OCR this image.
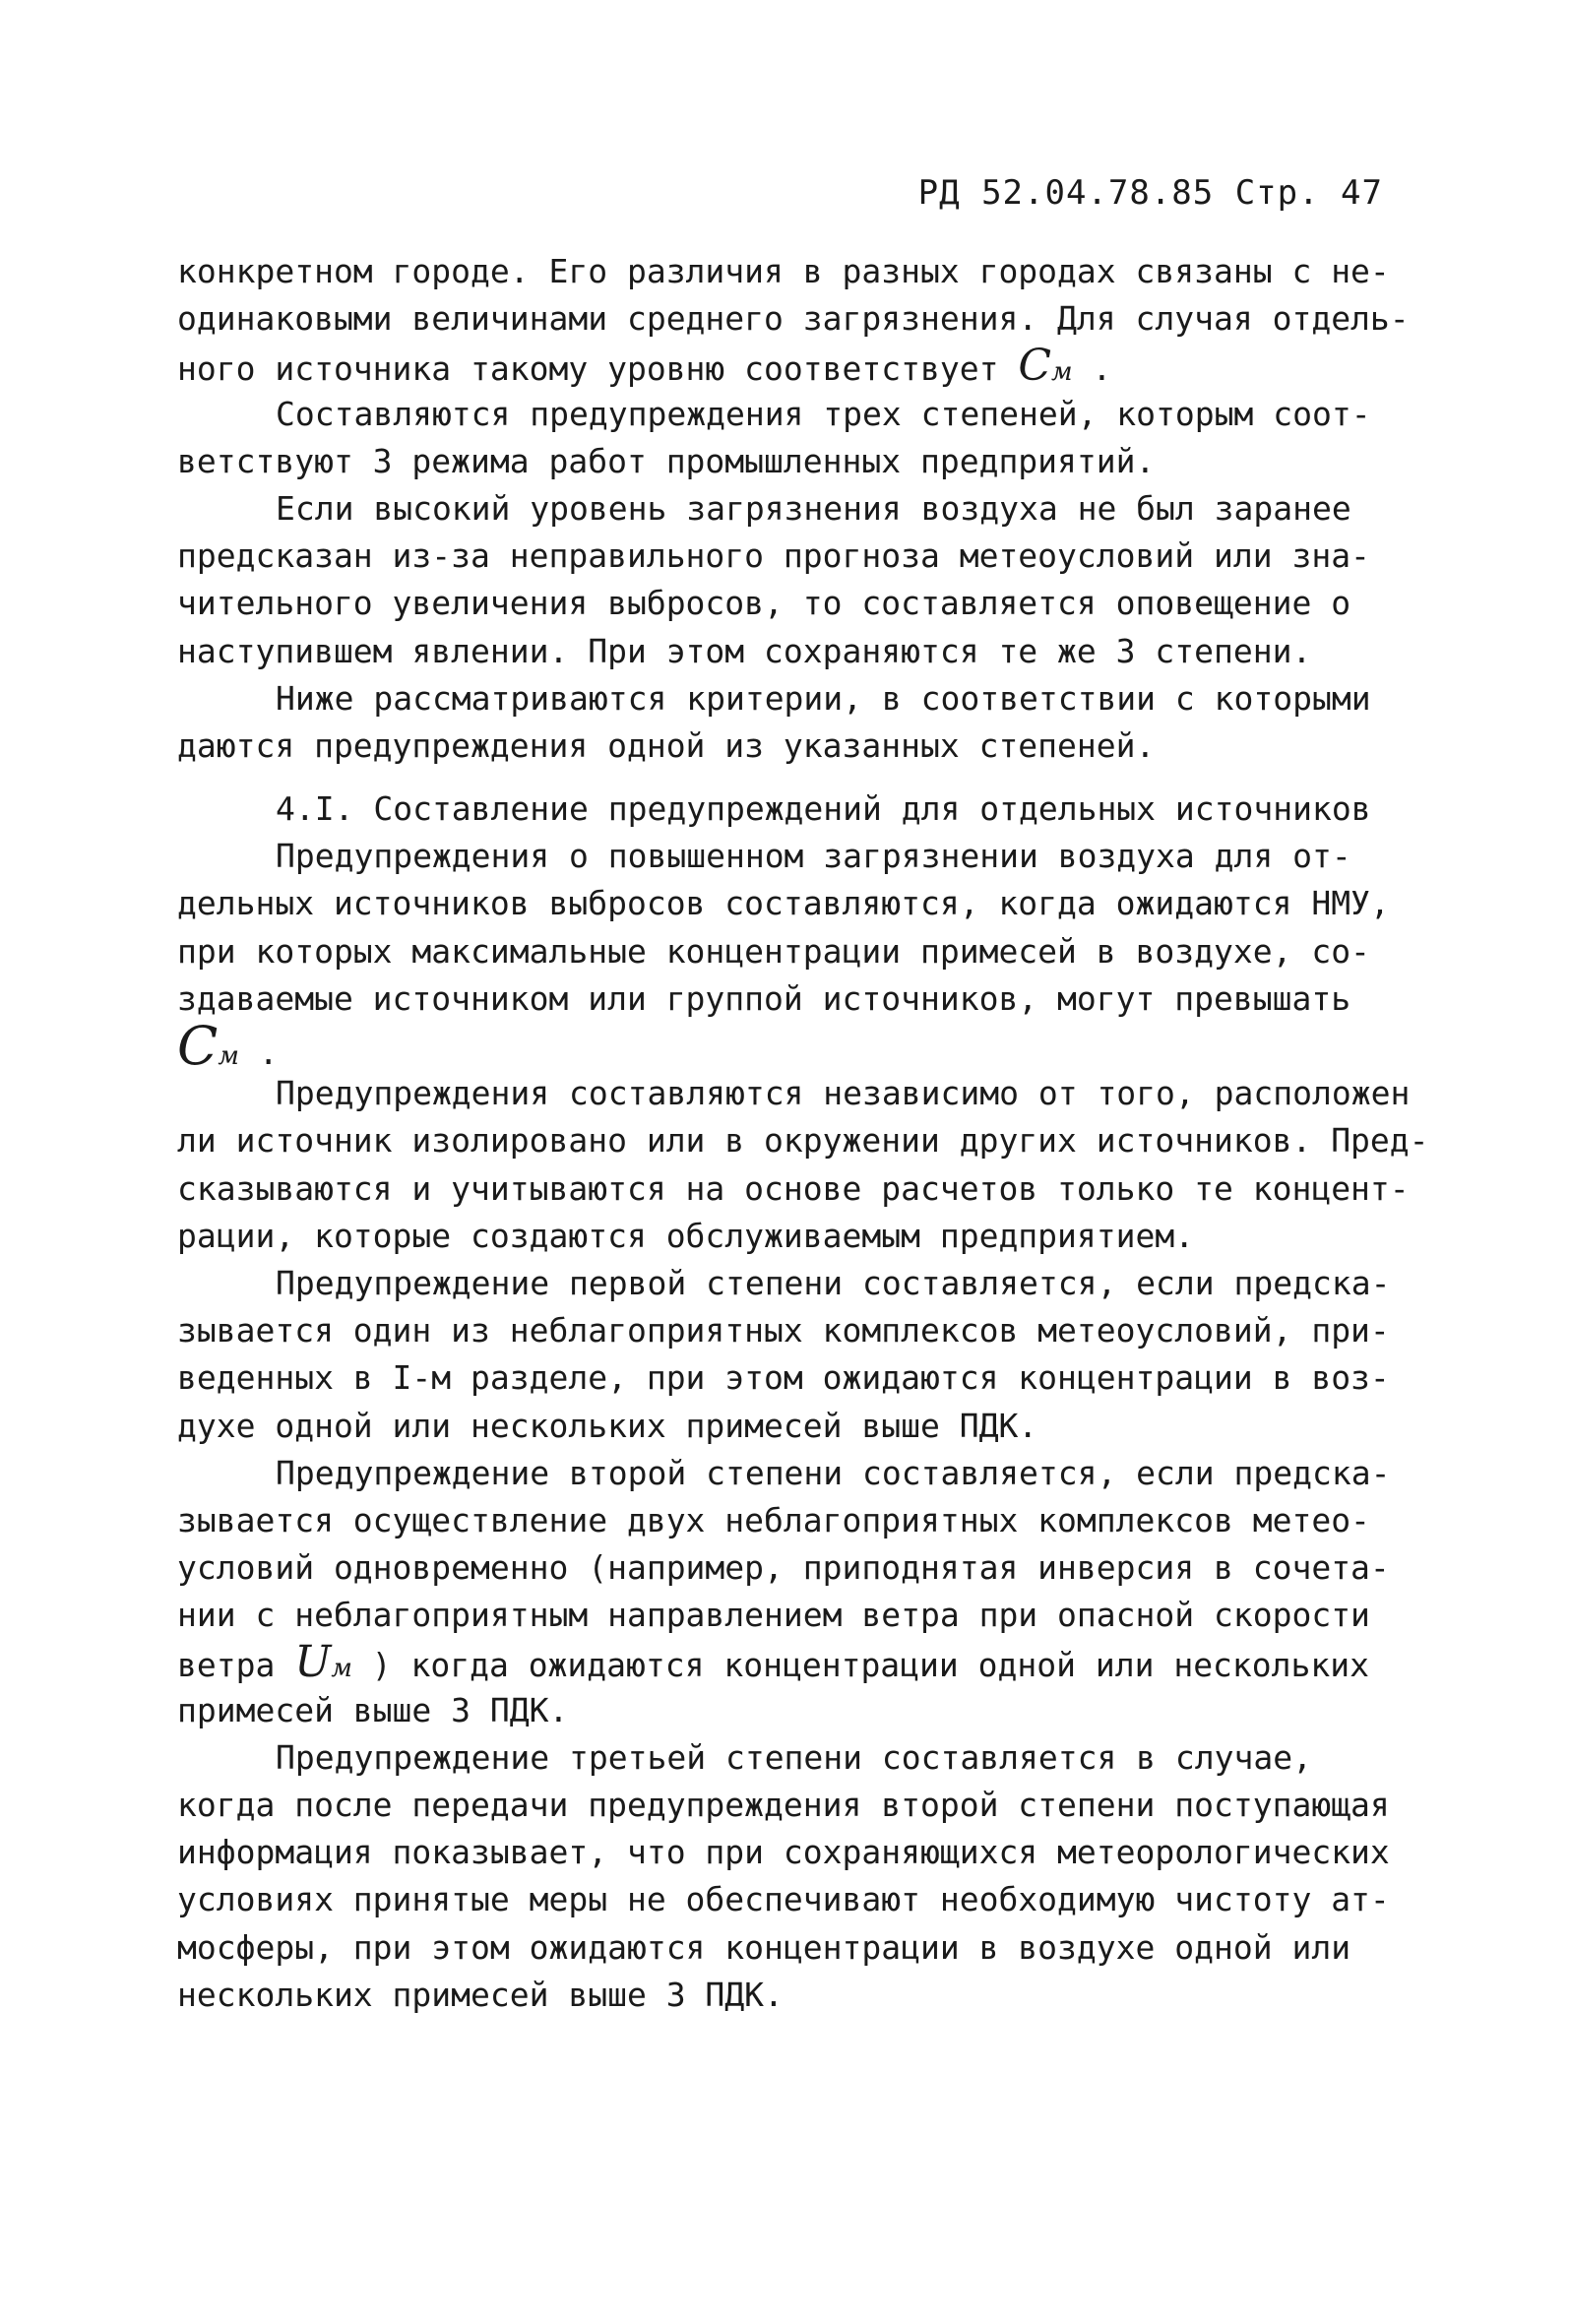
РД 52.04.78.85 Стр. 47
конкретном городе. Его различия в разных городах связаны с не-
одинаковыми величинами среднего загрязнения. Для случая отдель-
ного источника такому уровню соответствует Cм .
Составляются предупреждения трех степеней, которым соот-
ветствуют 3 режима работ промышленных предприятий.
Если высокий уровень загрязнения воздуха не был заранее
предсказан из-за неправильного прогноза метеоусловий или зна-
чительного увеличения выбросов, то составляется оповещение о
наступившем явлении. При этом сохраняются те же 3 степени.
Ниже рассматриваются критерии, в соответствии с которыми
даются предупреждения одной из указанных степеней.
4.I. Составление предупреждений для отдельных источников
Предупреждения о повышенном загрязнении воздуха для от-
дельных источников выбросов составляются, когда ожидаются НМУ,
при которых максимальные концентрации примесей в воздухе, со-
здаваемые источником или группой источников, могут превышать
Cм .
Предупреждения составляются независимо от того, расположен
ли источник изолировано или в окружении других источников. Пред-
сказываются и учитываются на основе расчетов только те концент-
рации, которые создаются обслуживаемым предприятием.
Предупреждение первой степени составляется, если предска-
зывается один из неблагоприятных комплексов метеоусловий, при-
веденных в I-м разделе, при этом ожидаются концентрации в воз-
духе одной или нескольких примесей выше ПДК.
Предупреждение второй степени составляется, если предска-
зывается осуществление двух неблагоприятных комплексов метео-
условий одновременно (например, приподнятая инверсия в сочета-
нии с неблагоприятным направлением ветра при опасной скорости
ветра Uм ) когда ожидаются концентрации одной или нескольких
примесей выше 3 ПДК.
Предупреждение третьей степени составляется в случае,
когда после передачи предупреждения второй степени поступающая
информация показывает, что при сохраняющихся метеорологических
условиях принятые меры не обеспечивают необходимую чистоту ат-
мосферы, при этом ожидаются концентрации в воздухе одной или
нескольких примесей выше 3 ПДК.
